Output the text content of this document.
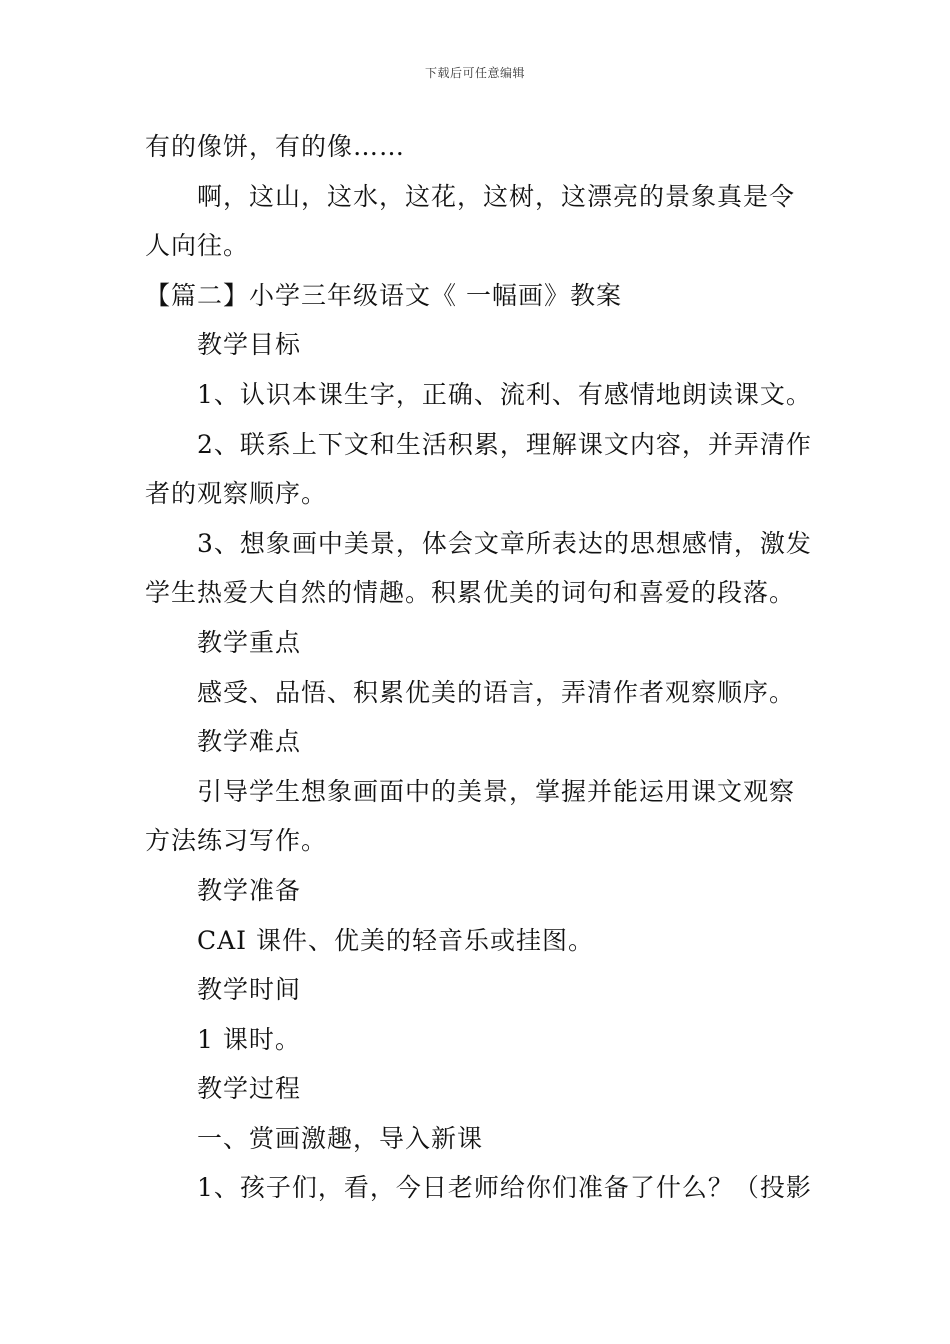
下载后可任意编辑
有的像饼，有的像……
啊，这山，这水，这花，这树，这漂亮的景象真是令
人向往。
【篇二】小学三年级语文《 一幅画》教案
教学目标
1、认识本课生字，正确、流利、有感情地朗读课文。
2、联系上下文和生活积累，理解课文内容，并弄清作
者的观察顺序。
3、想象画中美景，体会文章所表达的思想感情，激发
学生热爱大自然的情趣。积累优美的词句和喜爱的段落。
教学重点
感受、品悟、积累优美的语言，弄清作者观察顺序。
教学难点
引导学生想象画面中的美景，掌握并能运用课文观察
方法练习写作。
教学准备
CAI 课件、优美的轻音乐或挂图。
教学时间
1 课时。
教学过程
一、赏画激趣，导入新课
1、孩子们，看，今日老师给你们准备了什么？（投影
